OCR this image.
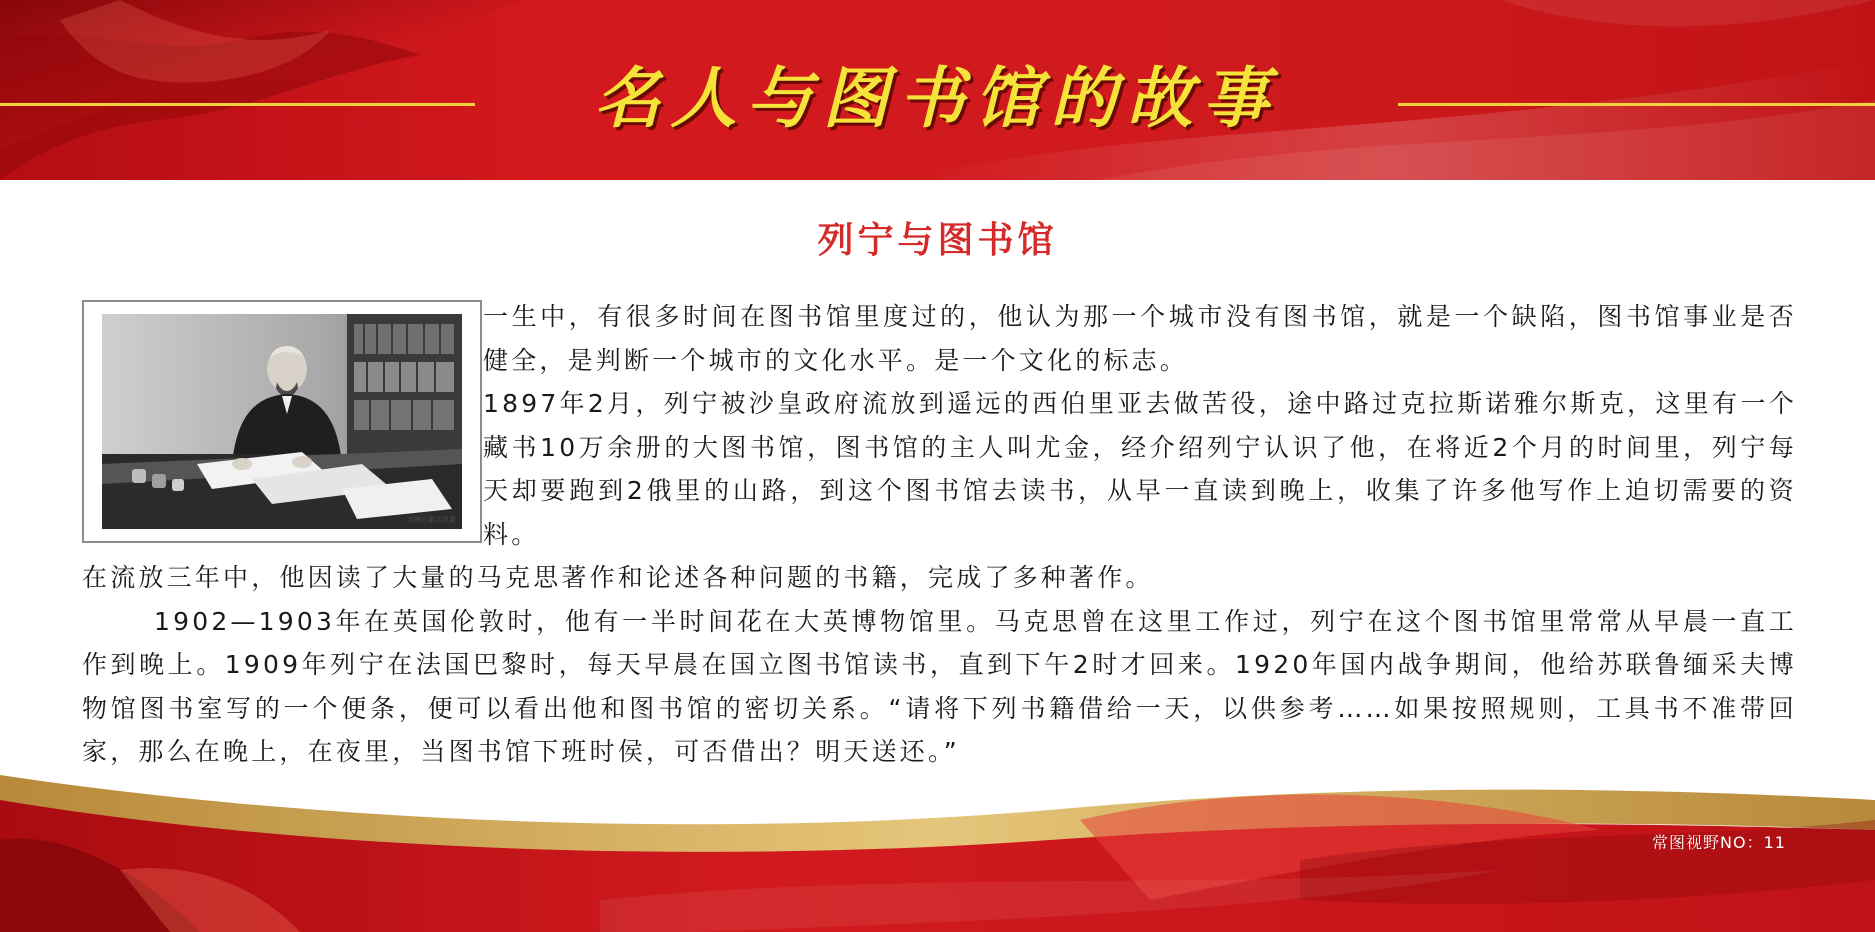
名人与图书馆的故事
列宁与图书馆
万图元素会员素

一生中，有很多时间在图书馆里度过的，他认为那一个城市没有图书馆，就是一个缺陷，图书馆事业是否健全，是判断一个城市的文化水平。是一个文化的标志。

1897年2月，列宁被沙皇政府流放到遥远的西伯里亚去做苦役，途中路过克拉斯诺雅尔斯克，这里有一个藏书10万余册的大图书馆，图书馆的主人叫尤金，经介绍列宁认识了他，在将近2个月的时间里，列宁每天却要跑到2俄里的山路，到这个图书馆去读书，从早一直读到晚上，收集了许多他写作上迫切需要的资料。

在流放三年中，他因读了大量的马克思著作和论述各种问题的书籍，完成了多种著作。

1902—1903年在英国伦敦时，他有一半时间花在大英博物馆里。马克思曾在这里工作过，列宁在这个图书馆里常常从早晨一直工作到晚上。1909年列宁在法国巴黎时，每天早晨在国立图书馆读书，直到下午2时才回来。1920年国内战争期间，他给苏联鲁缅采夫博物馆图书室写的一个便条，便可以看出他和图书馆的密切关系。“请将下列书籍借给一天，以供参考……如果按照规则，工具书不准带回家，那么在晚上，在夜里，当图书馆下班时侯，可否借出？明天送还。”

常图视野NO：11
